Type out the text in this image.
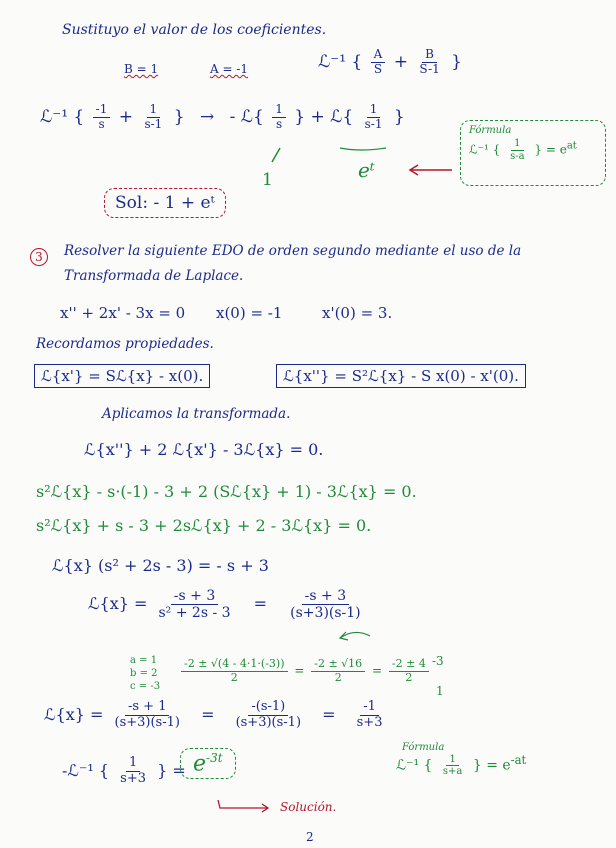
Sustituyo el valor de los coeficientes.
B = 1	A = -1	ℒ⁻¹ { $\frac{A}{S} + \frac{B}{S-1}$ }
ℒ⁻¹ { $\frac{-1}{s} + \frac{1}{s-1}$ } → - ℒ{ $\frac{1}{s}$ } + ℒ{ $\frac{1}{s-1}$ }
1	eᵗ
Fórmula
ℒ⁻¹ { $\frac{1}{s-a}$ } = $e^{at}$
Sol: - 1 + eᵗ
3	Resolver la siguiente EDO de orden segundo mediante el uso de la
Transformada de Laplace.
x'' + 2x' - 3x = 0 x(0) = -1	x'(0) = 3.
Recordamos propiedades.
ℒ{x'} = Sℒ{x} - x(0).	ℒ{x''} = S²ℒ{x} - S x(0) - x'(0).
Aplicamos la transformada.
ℒ{x''} + 2 ℒ{x'} - 3ℒ{x} = 0.
s²ℒ{x} - s·(-1) - 3 + 2 (Sℒ{x} + 1) - 3ℒ{x} = 0.
s²ℒ{x} + s - 3 + 2sℒ{x} + 2 - 3ℒ{x} = 0.
ℒ{x} (s² + 2s - 3) = - s + 3
ℒ{x} = $\frac{-s + 3}{\text{s² + 2s - 3}} = \frac{-s + 3}{(s+3)(s-1)}$
a = 1
b = 2
c = -3
$\frac{-2 \pm √(4 - 4\cdot 1\cdot(-3))}{2} = \frac{-2 \pm √16}{2} = \frac{-2 \pm 4}{2} -3$
1
ℒ{x} = $\frac{-s + 1}{(s+3)(s-1)} = \frac{-(s-1)}{(s+3)(s-1)} = \frac{-1}{s+3}$
-ℒ⁻¹ { $\frac{1}{s+3}$ } = $e^{-3t}$
Fórmula
ℒ⁻¹ { $\frac{1}{s+a}$ } = $e^{-at}$
Solución.
2
